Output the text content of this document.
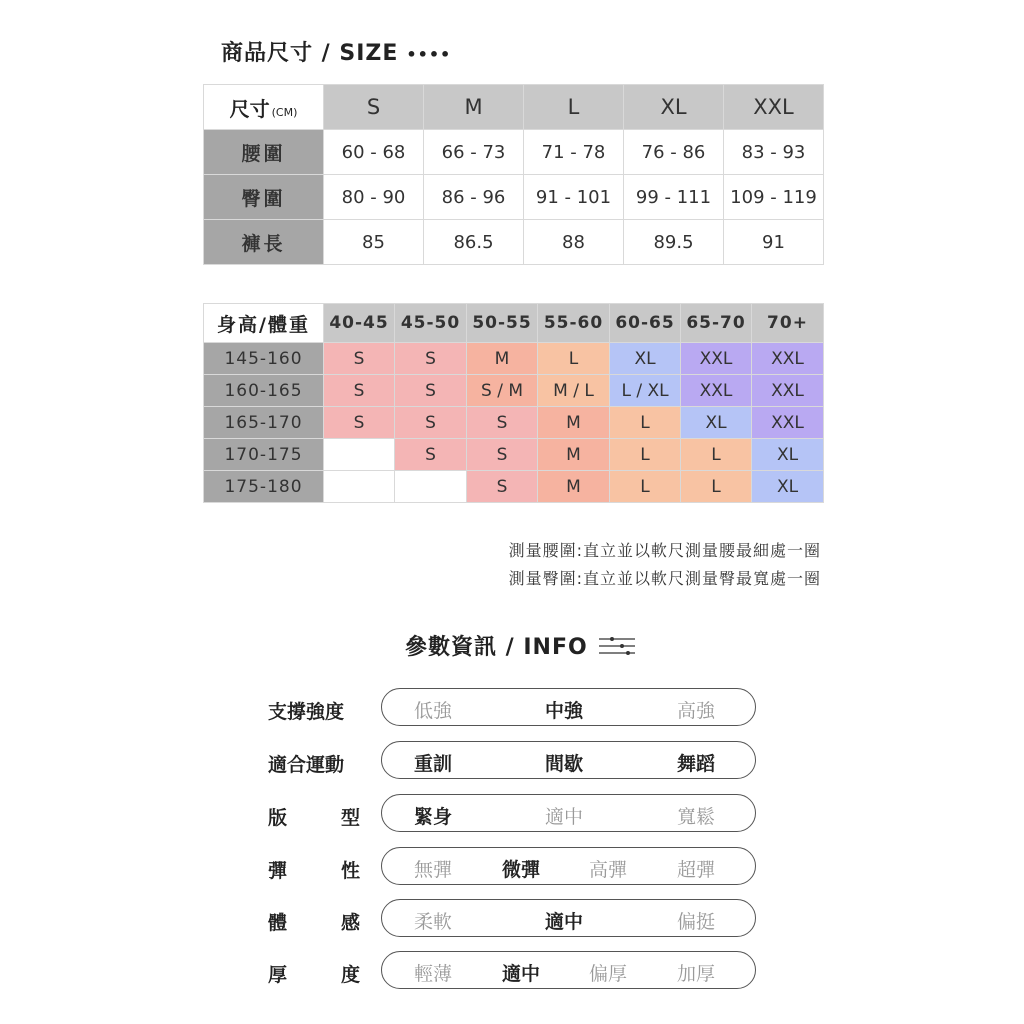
商品尺寸 / SIZE ••••
尺寸 (CM)	S	M	L	XL	XXL
腰圍	60 - 68	66 - 73	71 - 78	76 - 86	83 - 93
臀圍	80 - 90	86 - 96	91 - 101	99 - 111	109 - 119
褲長	85	86.5	88	89.5	91
身高/體重	40-45	45-50	50-55	55-60	60-65	65-70	70+
145-160	S	S	M	L	XL	XXL	XXL
160-165	S	S	S / M	M / L	L / XL	XXL	XXL
165-170	S	S	S	M	L	XL	XXL
170-175		S	S	M	L	L	XL
175-180			S	M	L	L	XL
測量腰圍:直立並以軟尺測量腰最細處一圈
測量臀圍:直立並以軟尺測量臀最寬處一圈
參數資訊 / INFO
支撐強度	低強	中強	高強
適合運動	重訓	間歇	舞蹈
版	型	緊身	適中	寬鬆
彈	性	無彈	微彈	高彈	超彈
體	感	柔軟	適中	偏挺
厚	度	輕薄	適中	偏厚	加厚
